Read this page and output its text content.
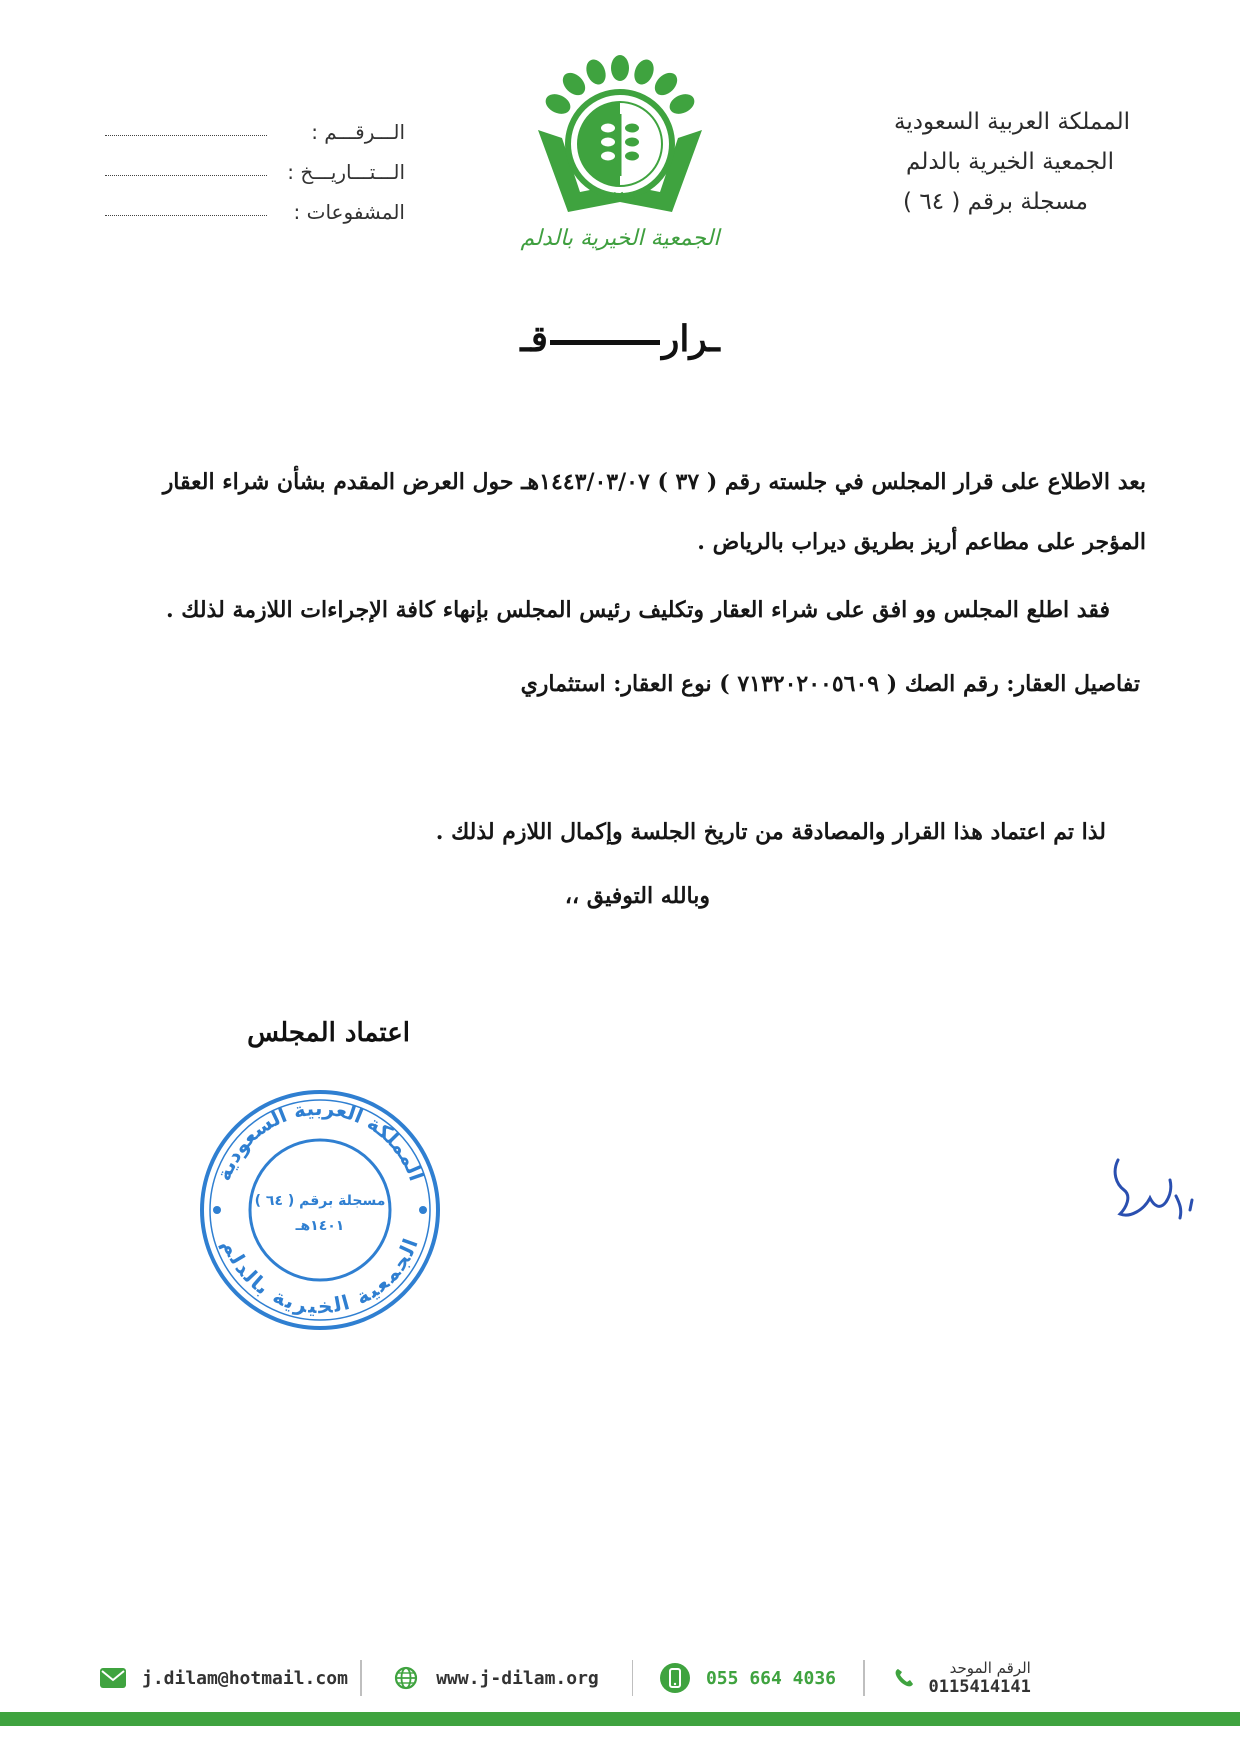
المملكة العربية السعودية
الجمعية الخيرية بالدلم
مسجلة برقم ( ٦٤ )
الـــرقـــم :
الـــتـــاريـــخ :
المشفوعات :
١٤٠١هـ
الجمعية الخيرية بالدلم
ـرارقـ
بعد الاطلاع على قرار المجلس في جلسته رقم ( ٣٧ ) ١٤٤٣/٠٣/٠٧هـ حول العرض المقدم بشأن شراء العقار المؤجر على مطاعم أريز بطريق ديراب بالرياض .
فقد اطلع المجلس وو افق على شراء العقار وتكليف رئيس المجلس بإنهاء كافة الإجراءات اللازمة لذلك .
تفاصيل العقار: رقم الصك ( ٧١٣٢٠٢٠٠٥٦٠٩ ) نوع العقار: استثماري
لذا تم اعتماد هذا القرار والمصادقة من تاريخ الجلسة وإكمال اللازم لذلك .
وبالله التوفيق ،،
اعتماد المجلس
المملكة العربية السعودية
الجمعية الخيرية بالدلم
مسجلة برقم ( ٦٤ )
١٤٠١هـ
j.dilam@hotmail.com	www.j-dilam.org	055 664 4036	الرقم الموحد
0115414141
